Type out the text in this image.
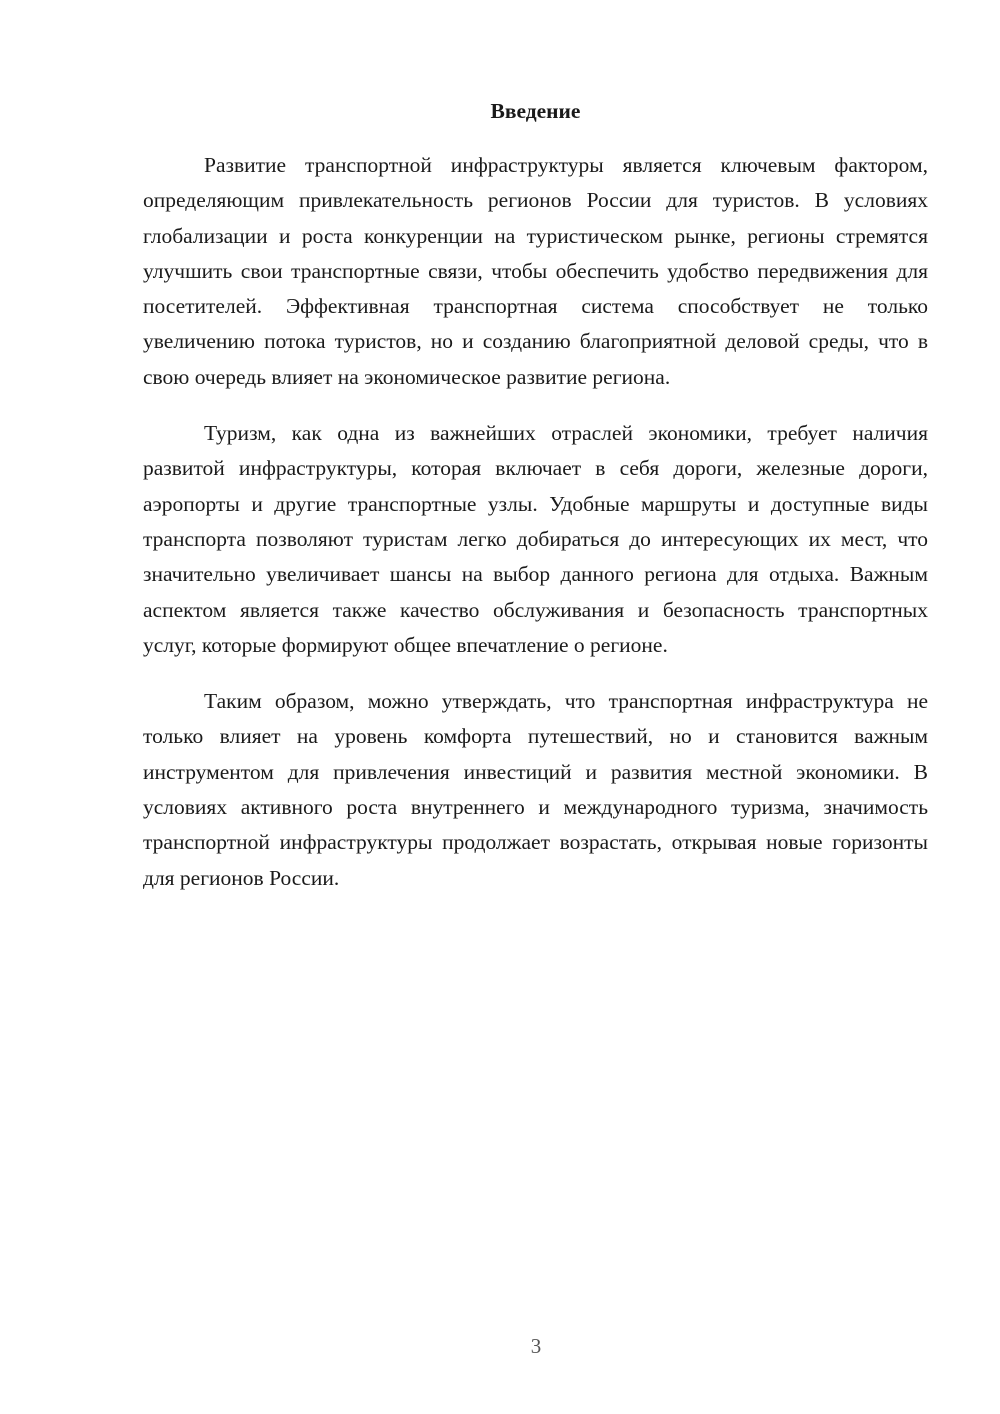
Введение

Развитие транспортной инфраструктуры является ключевым фактором, определяющим привлекательность регионов России для туристов. В условиях глобализации и роста конкуренции на туристическом рынке, регионы стремятся улучшить свои транспортные связи, чтобы обеспечить удобство передвижения для посетителей. Эффективная транспортная система способствует не только увеличению потока туристов, но и созданию благоприятной деловой среды, что в свою очередь влияет на экономическое развитие региона.

Туризм, как одна из важнейших отраслей экономики, требует наличия развитой инфраструктуры, которая включает в себя дороги, железные дороги, аэропорты и другие транспортные узлы. Удобные маршруты и доступные виды транспорта позволяют туристам легко добираться до интересующих их мест, что значительно увеличивает шансы на выбор данного региона для отдыха. Важным аспектом является также качество обслуживания и безопасность транспортных услуг, которые формируют общее впечатление о регионе.

Таким образом, можно утверждать, что транспортная инфраструктура не только влияет на уровень комфорта путешествий, но и становится важным инструментом для привлечения инвестиций и развития местной экономики. В условиях активного роста внутреннего и международного туризма, значимость транспортной инфраструктуры продолжает возрастать, открывая новые горизонты для регионов России.

3
